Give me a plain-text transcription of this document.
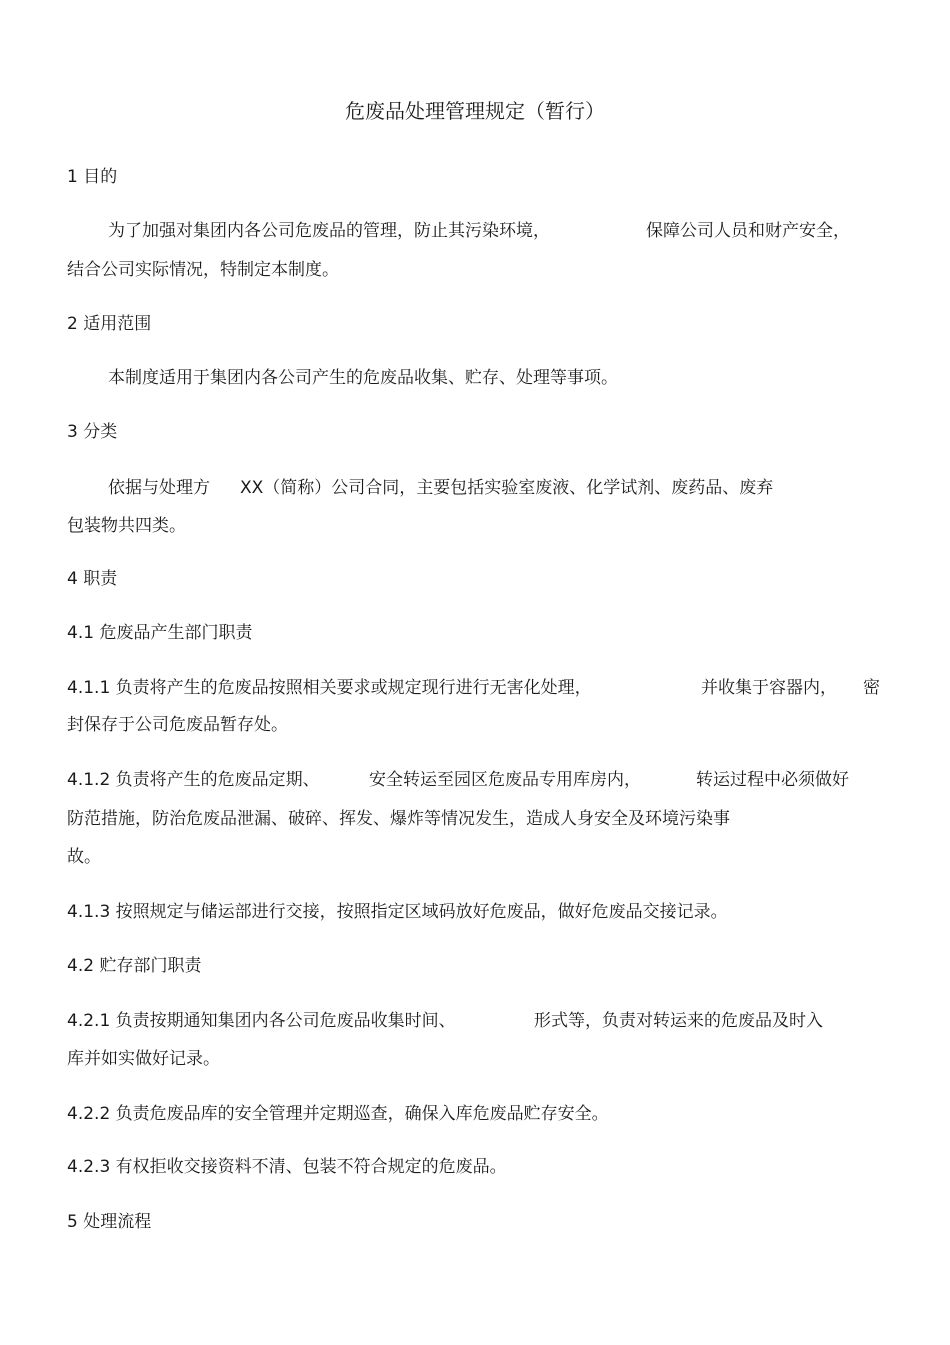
危废品处理管理规定（暂行）
1 目的
为了加强对集团内各公司危废品的管理，防止其污染环境，	保障公司人员和财产安全，
结合公司实际情况，特制定本制度。
2 适用范围
本制度适用于集团内各公司产生的危废品收集、贮存、处理等事项。
3 分类
依据与处理方 XX（简称）公司合同，主要包括实验室废液、化学试剂、废药品、废弃
包装物共四类。
4 职责
4.1 危废品产生部门职责
4.1.1 负责将产生的危废品按照相关要求或规定现行进行无害化处理，	并收集于容器内， 密
封保存于公司危废品暂存处。
4.1.2 负责将产生的危废品定期、	安全转运至园区危废品专用库房内，	转运过程中必须做好
防范措施，防治危废品泄漏、破碎、挥发、爆炸等情况发生，造成人身安全及环境污染事
故。
4.1.3 按照规定与储运部进行交接，按照指定区域码放好危废品，做好危废品交接记录。
4.2 贮存部门职责
4.2.1 负责按期通知集团内各公司危废品收集时间、	形式等，负责对转运来的危废品及时入
库并如实做好记录。
4.2.2 负责危废品库的安全管理并定期巡查，确保入库危废品贮存安全。
4.2.3 有权拒收交接资料不清、包装不符合规定的危废品。
5 处理流程
